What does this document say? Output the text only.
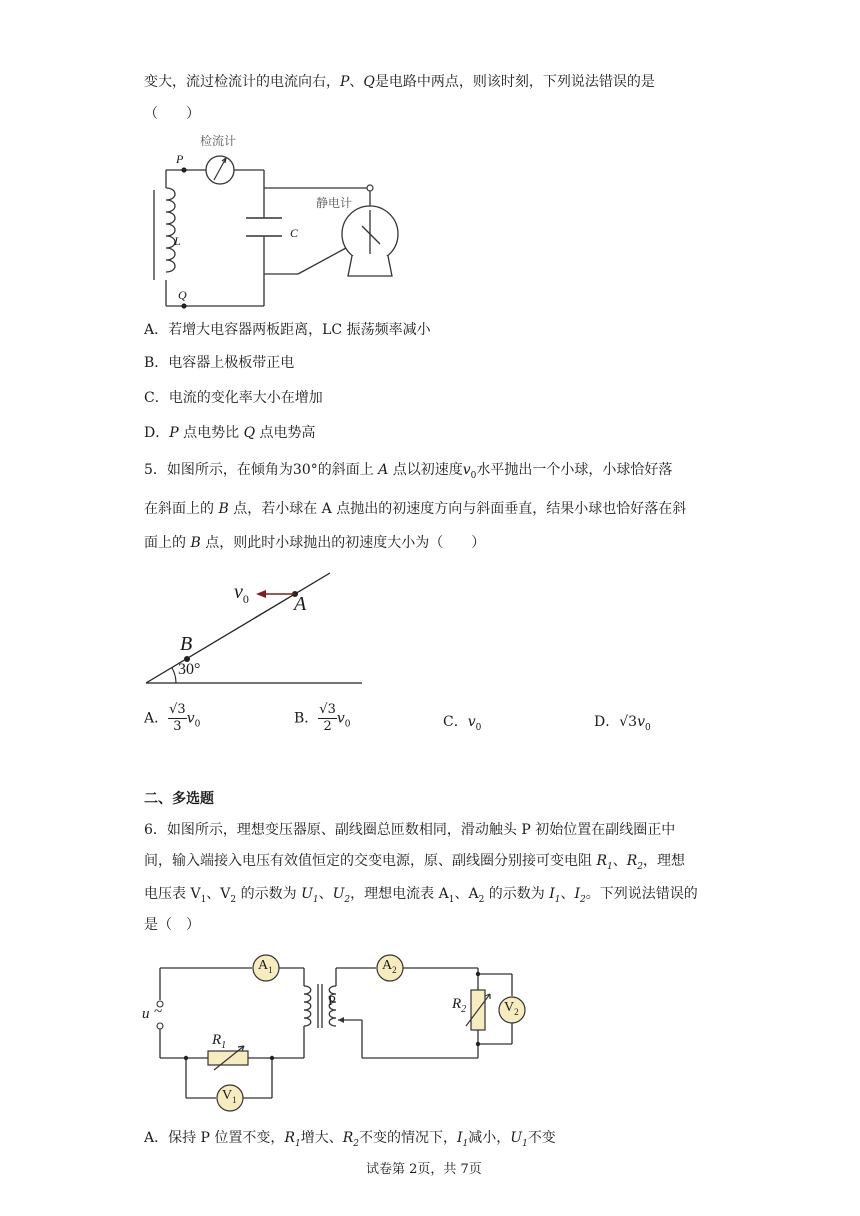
变大，流过检流计的电流向右，P、Q是电路中两点，则该时刻，下列说法错误的是
（　　）
检流计
静电计
P
Q
L
C
A．若增大电容器两板距离，LC 振荡频率减小
B．电容器上极板带正电
C．电流的变化率大小在增加
D．P 点电势比 Q 点电势高
5．如图所示，在倾角为30°的斜面上 A 点以初速度$v_0$水平抛出一个小球，小球恰好落
在斜面上的 B 点，若小球在 A 点抛出的初速度方向与斜面垂直，结果小球也恰好落在斜
面上的 B 点，则此时小球抛出的初速度大小为（　　）
$v_0$ A
B
30°
A． $\frac{√3}{3} v_0$	B． $\frac{√3}{2} v_0$	C．$v_0$	D．$√3v_0$
二、多选题
6．如图所示，理想变压器原、副线圈总匝数相同，滑动触头 P 初始位置在副线圈正中
间，输入端接入电压有效值恒定的交变电源，原、副线圈分别接可变电阻 $R_1$、$R_2$，理想
电压表 $V_1$、$V_2$ 的示数为 $U_1$、$U_2$，理想电流表 $A_1$、$A_2$ 的示数为 $I_1$、$I_2$。下列说法错误的
是（　）
$A_1$	$A_2$
$V_1$
$V_2$
$R_1$
$R_2$
u ~
P
A．保持 P 位置不变，$R_1$增大、$R_2$不变的情况下，$I_1$减小，$U_1$不变
试卷第 2页，共 7页
